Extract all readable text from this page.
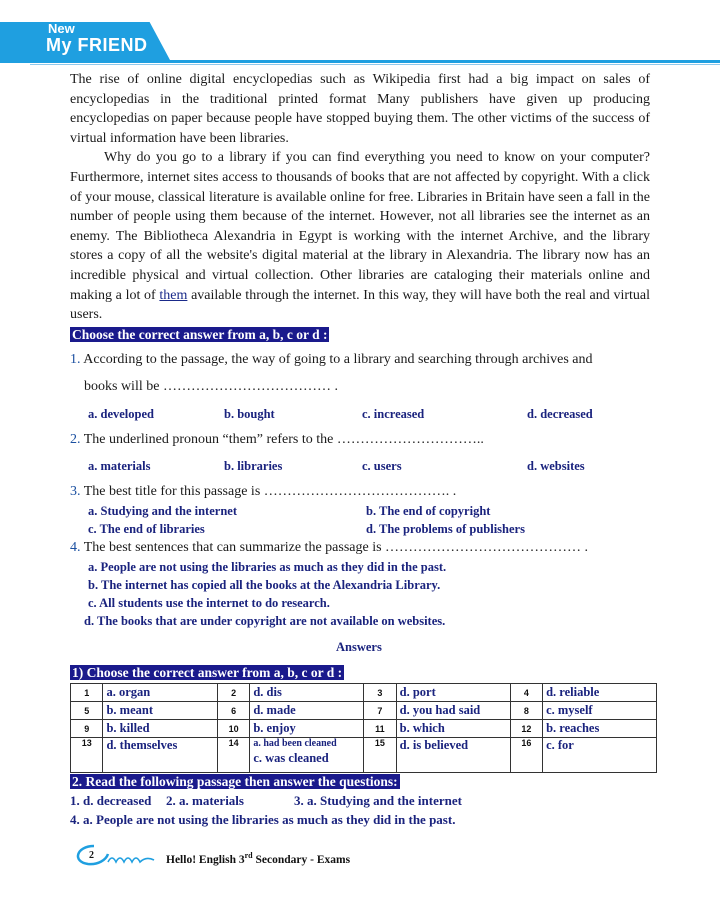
New
My FRIEND

The rise of online digital encyclopedias such as Wikipedia first had a big impact on sales of encyclopedias in the traditional printed format Many publishers have given up producing encyclopedias on paper because people have stopped buying them. The other victims of the success of virtual information have been libraries.

Why do you go to a library if you can find everything you need to know on your computer? Furthermore, internet sites access to thousands of books that are not affected by copyright. With a click of your mouse, classical literature is available online for free. Libraries in Britain have seen a fall in the number of people using them because of the internet. However, not all libraries see the internet as an enemy. The Bibliotheca Alexandria in Egypt is working with the internet Archive, and the library stores a copy of all the website's digital material at the library in Alexandria. The library now has an incredible physical and virtual collection. Other libraries are cataloging their materials online and making a lot of them available through the internet. In this way, they will have both the real and virtual users.

Choose the correct answer from a, b, c or d :

1. According to the passage, the way of going to a library and searching through archives and
books will be ……………………………… .
a. developed	b. bought	c. increased	d. decreased
2. The underlined pronoun “them” refers to the …………………………..
a. materials	b. libraries	c. users	d. websites
3. The best title for this passage is …………………………………. .
a. Studying and the internet	b. The end of copyright
c. The end of libraries	d. The problems of publishers
4. The best sentences that can summarize the passage is …………………………………… .
a. People are not using the libraries as much as they did in the past.
b. The internet has copied all the books at the Alexandria Library.
c. All students use the internet to do research.
d. The books that are under copyright are not available on websites.
Answers
1) Choose the correct answer from a, b, c or d :
1	a. organ	2	d. dis	3	d. port	4	d. reliable
5	b. meant	6	d. made	7	d. you had said	8	c. myself
9	b. killed	10	b. enjoy	11	b. which	12	b. reaches
13	d. themselves	14	a. had been cleaned
c. was cleaned	15	d. is believed	16	c. for
2. Read the following passage then answer the questions:
1. d. decreased 2. a. materials	3. a. Studying and the internet
4. a. People are not using the libraries as much as they did in the past.
2	Hello! English 3rd Secondary - Exams
